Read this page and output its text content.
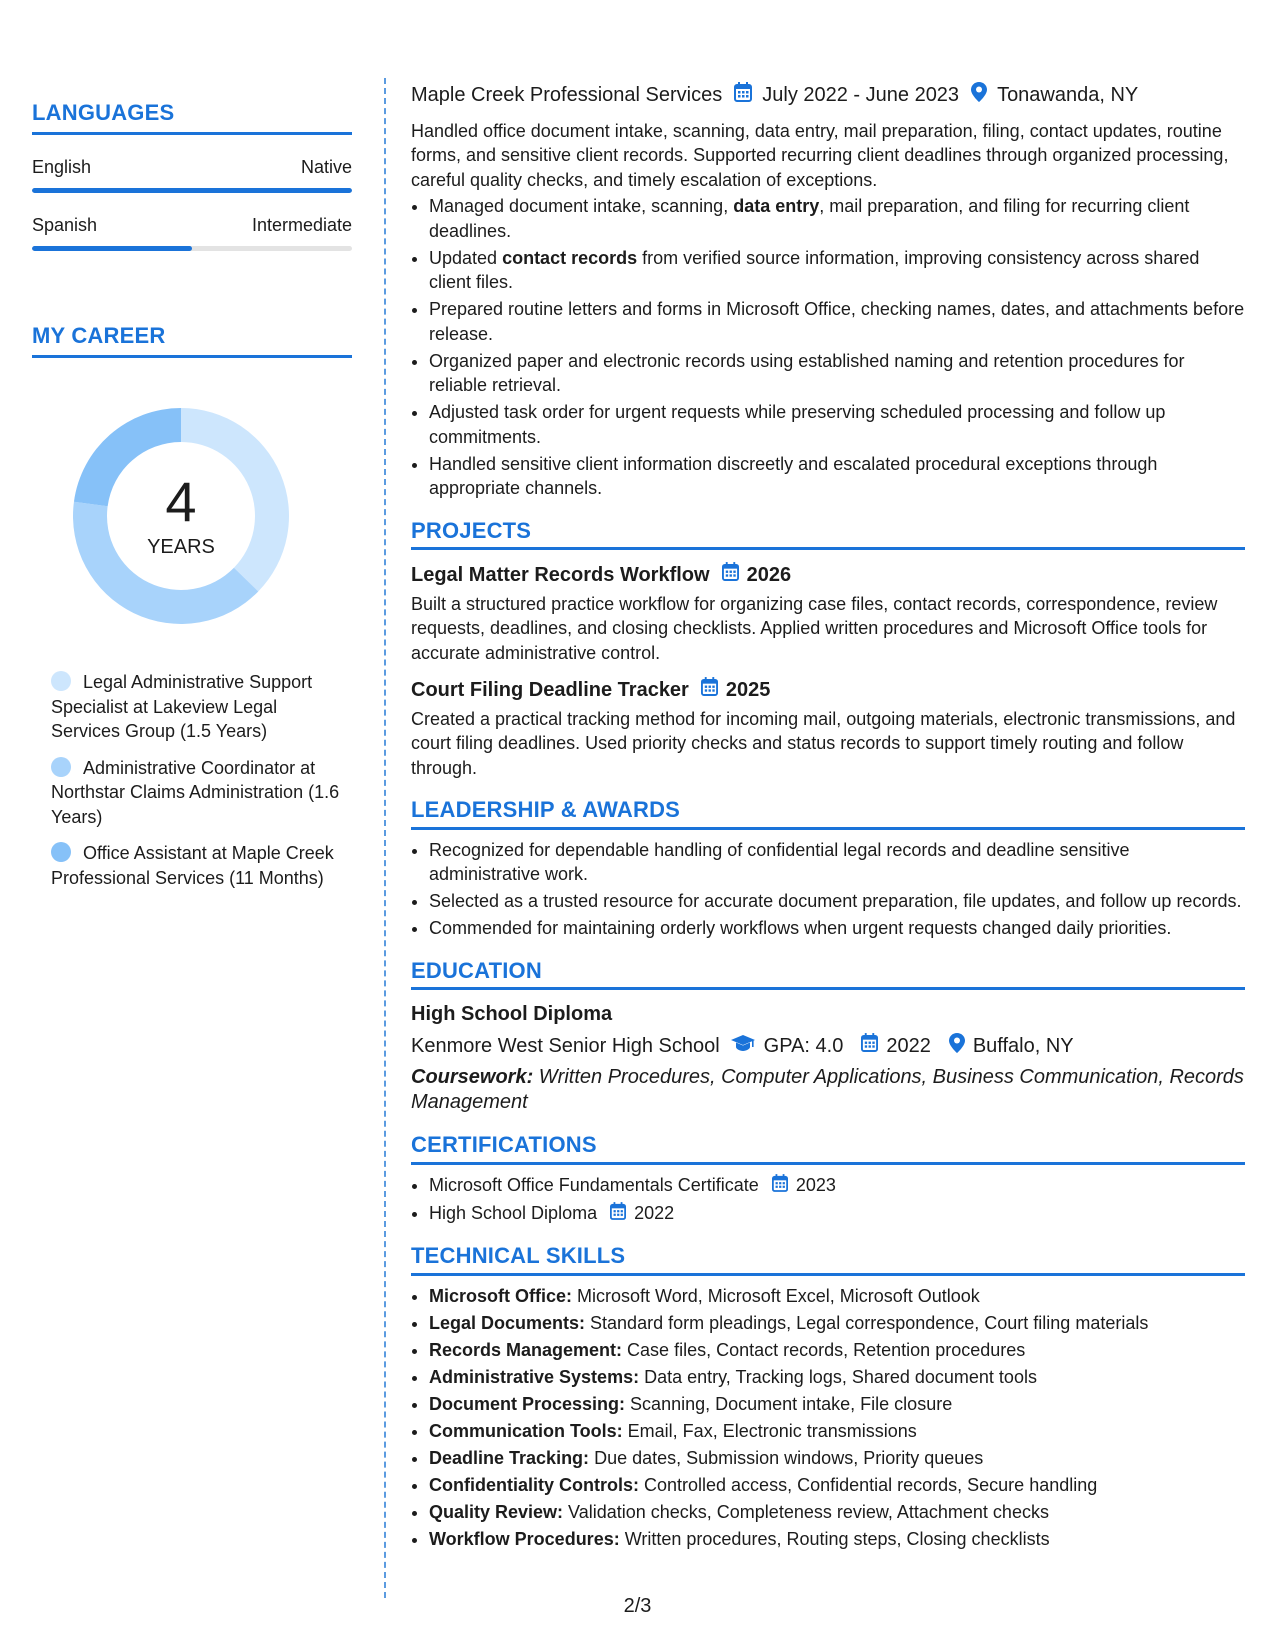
LANGUAGES
English	Native
Spanish	Intermediate
MY CAREER
4
YEARS
Legal Administrative Support Specialist at Lakeview Legal Services Group (1.5 Years)
Administrative Coordinator at Northstar Claims Administration (1.6 Years)
Office Assistant at Maple Creek Professional Services (11 Months)
Maple Creek Professional Services July 2022 - June 2023 Tonawanda, NY

Handled office document intake, scanning, data entry, mail preparation, filing, contact updates, routine forms, and sensitive client records. Supported recurring client deadlines through organized processing, careful quality checks, and timely escalation of exceptions.

• Managed document intake, scanning, data entry, mail preparation, and filing for recurring client deadlines.
• Updated contact records from verified source information, improving consistency across shared client files.
• Prepared routine letters and forms in Microsoft Office, checking names, dates, and attachments before release.
• Organized paper and electronic records using established naming and retention procedures for reliable retrieval.
• Adjusted task order for urgent requests while preserving scheduled processing and follow up commitments.
• Handled sensitive client information discreetly and escalated procedural exceptions through appropriate channels.
PROJECTS
Legal Matter Records Workflow 2026

Built a structured practice workflow for organizing case files, contact records, correspondence, review requests, deadlines, and closing checklists. Applied written procedures and Microsoft Office tools for accurate administrative control.

Court Filing Deadline Tracker 2025

Created a practical tracking method for incoming mail, outgoing materials, electronic transmissions, and court filing deadlines. Used priority checks and status records to support timely routing and follow through.

LEADERSHIP & AWARDS
• Recognized for dependable handling of confidential legal records and deadline sensitive administrative work.
• Selected as a trusted resource for accurate document preparation, file updates, and follow up records.
• Commended for maintaining orderly workflows when urgent requests changed daily priorities.
EDUCATION
High School Diploma
Kenmore West Senior High School GPA: 4.0 2022 Buffalo, NY
Coursework: Written Procedures, Computer Applications, Business Communication, Records Management
CERTIFICATIONS
• Microsoft Office Fundamentals Certificate 2023
• High School Diploma 2022
TECHNICAL SKILLS
• Microsoft Office: Microsoft Word, Microsoft Excel, Microsoft Outlook
• Legal Documents: Standard form pleadings, Legal correspondence, Court filing materials
• Records Management: Case files, Contact records, Retention procedures
• Administrative Systems: Data entry, Tracking logs, Shared document tools
• Document Processing: Scanning, Document intake, File closure
• Communication Tools: Email, Fax, Electronic transmissions
• Deadline Tracking: Due dates, Submission windows, Priority queues
• Confidentiality Controls: Controlled access, Confidential records, Secure handling
• Quality Review: Validation checks, Completeness review, Attachment checks
• Workflow Procedures: Written procedures, Routing steps, Closing checklists
2/3
